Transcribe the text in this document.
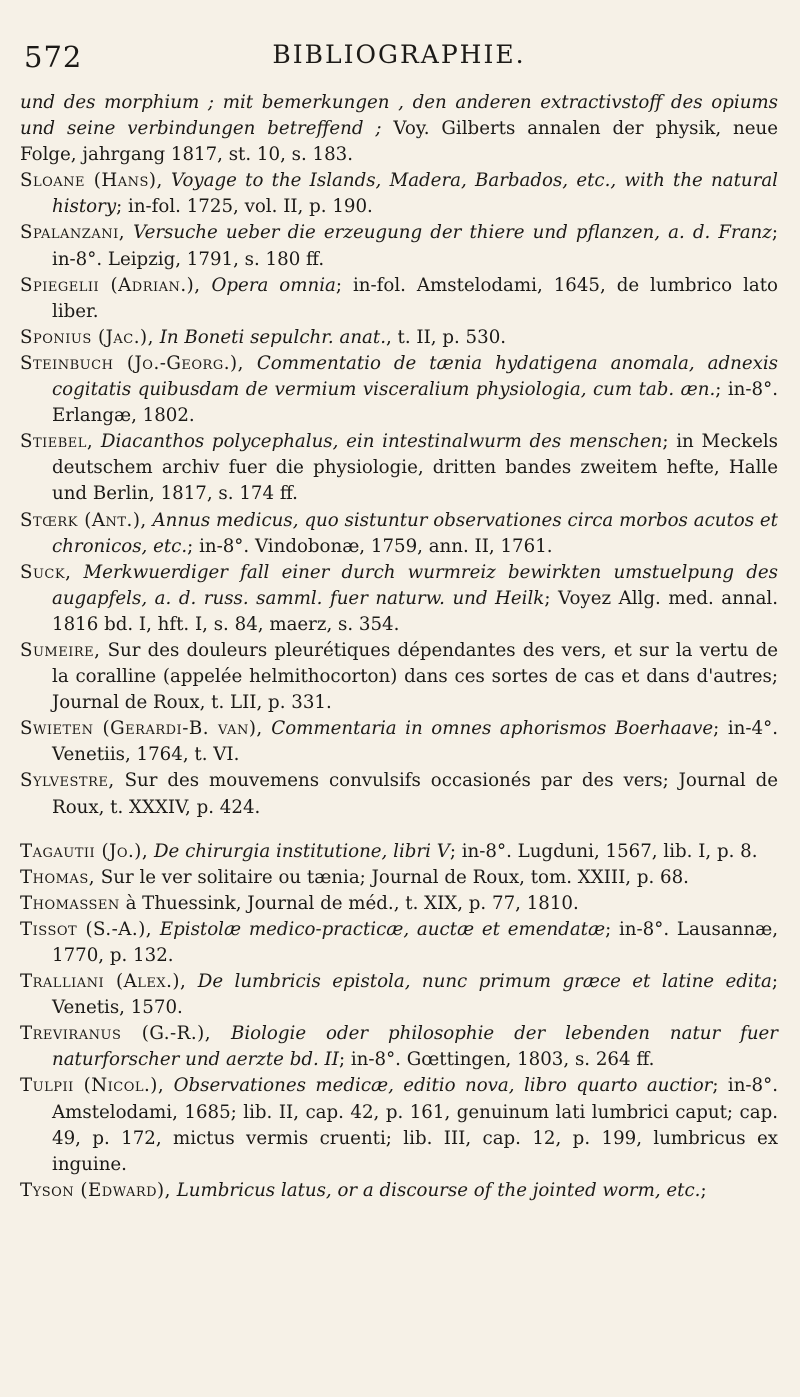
572	BIBLIOGRAPHIE.

und des morphium ; mit bemerkungen , den anderen extractivstoff des opiums und seine verbindungen betreffend ; Voy. Gilberts annalen der physik, neue Folge, jahrgang 1817, st. 10, s. 183.

Sloane (Hans), Voyage to the Islands, Madera, Barbados, etc., with the natural history; in-fol. 1725, vol. II, p. 190.

Spalanzani, Versuche ueber die erzeugung der thiere und pflanzen, a. d. Franz; in-8°. Leipzig, 1791, s. 180 ff.

Spiegelii (Adrian.), Opera omnia; in-fol. Amstelodami, 1645, de lumbrico lato liber.

Sponius (Jac.), In Boneti sepulchr. anat., t. II, p. 530.

Steinbuch (Jo.-Georg.), Commentatio de tænia hydatigena anomala, adnexis cogitatis quibusdam de vermium visceralium physiologia, cum tab. æn.; in-8°. Erlangæ, 1802.

Stiebel, Diacanthos polycephalus, ein intestinalwurm des menschen; in Meckels deutschem archiv fuer die physiologie, dritten bandes zweitem hefte, Halle und Berlin, 1817, s. 174 ff.

Stœrk (Ant.), Annus medicus, quo sistuntur observationes circa morbos acutos et chronicos, etc.; in-8°. Vindobonæ, 1759, ann. II, 1761.

Suck, Merkwuerdiger fall einer durch wurmreiz bewirkten umstuelpung des augapfels, a. d. russ. samml. fuer naturw. und Heilk; Voyez Allg. med. annal. 1816 bd. I, hft. I, s. 84, maerz, s. 354.

Sumeire, Sur des douleurs pleurétiques dépendantes des vers, et sur la vertu de la coralline (appelée helmithocorton) dans ces sortes de cas et dans d'autres; Journal de Roux, t. LII, p. 331.

Swieten (Gerardi-B. van), Commentaria in omnes aphorismos Boerhaave; in-4°. Venetiis, 1764, t. VI.

Sylvestre, Sur des mouvemens convulsifs occasionés par des vers; Journal de Roux, t. XXXIV, p. 424.

Tagautii (Jo.), De chirurgia institutione, libri V; in-8°. Lugduni, 1567, lib. I, p. 8.

Thomas, Sur le ver solitaire ou tænia; Journal de Roux, tom. XXIII, p. 68.

Thomassen à Thuessink, Journal de méd., t. XIX, p. 77, 1810.

Tissot (S.-A.), Epistolæ medico-practicæ, auctæ et emendatæ; in-8°. Lausannæ, 1770, p. 132.

Tralliani (Alex.), De lumbricis epistola, nunc primum græce et latine edita; Venetis, 1570.

Treviranus (G.-R.), Biologie oder philosophie der lebenden natur fuer naturforscher und aerzte bd. II; in-8°. Gœttingen, 1803, s. 264 ff.

Tulpii (Nicol.), Observationes medicæ, editio nova, libro quarto auctior; in-8°. Amstelodami, 1685; lib. II, cap. 42, p. 161, genuinum lati lumbrici caput; cap. 49, p. 172, mictus vermis cruenti; lib. III, cap. 12, p. 199, lumbricus ex inguine.

Tyson (Edward), Lumbricus latus, or a discourse of the jointed worm, etc.;
